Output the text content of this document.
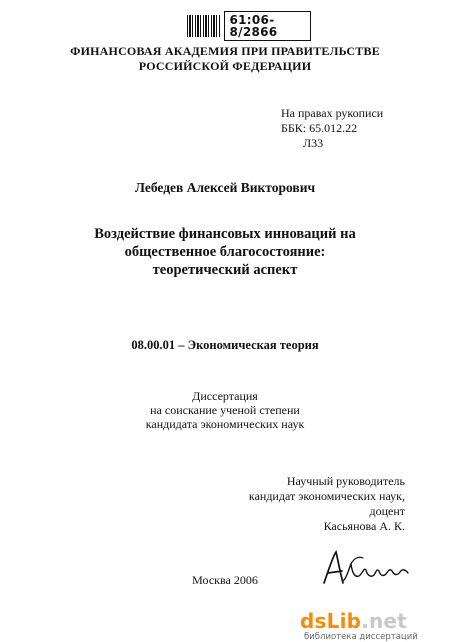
61:06-8/2866
ФИНАНСОВАЯ АКАДЕМИЯ ПРИ ПРАВИТЕЛЬСТВЕ
РОССИЙСКОЙ ФЕДЕРАЦИИ
На правах рукописи
ББК: 65.012.22
Л33
Лебедев Алексей Викторович
Воздействие финансовых инноваций на
общественное благосостояние:
теоретический аспект
08.00.01 – Экономическая теория
Диссертация
на соискание ученой степени
кандидата экономических наук
Научный руководитель
кандидат экономических наук, доцент
Касьянова А. К.
Москва 2006
dsLib.net
библиотека диссертаций
